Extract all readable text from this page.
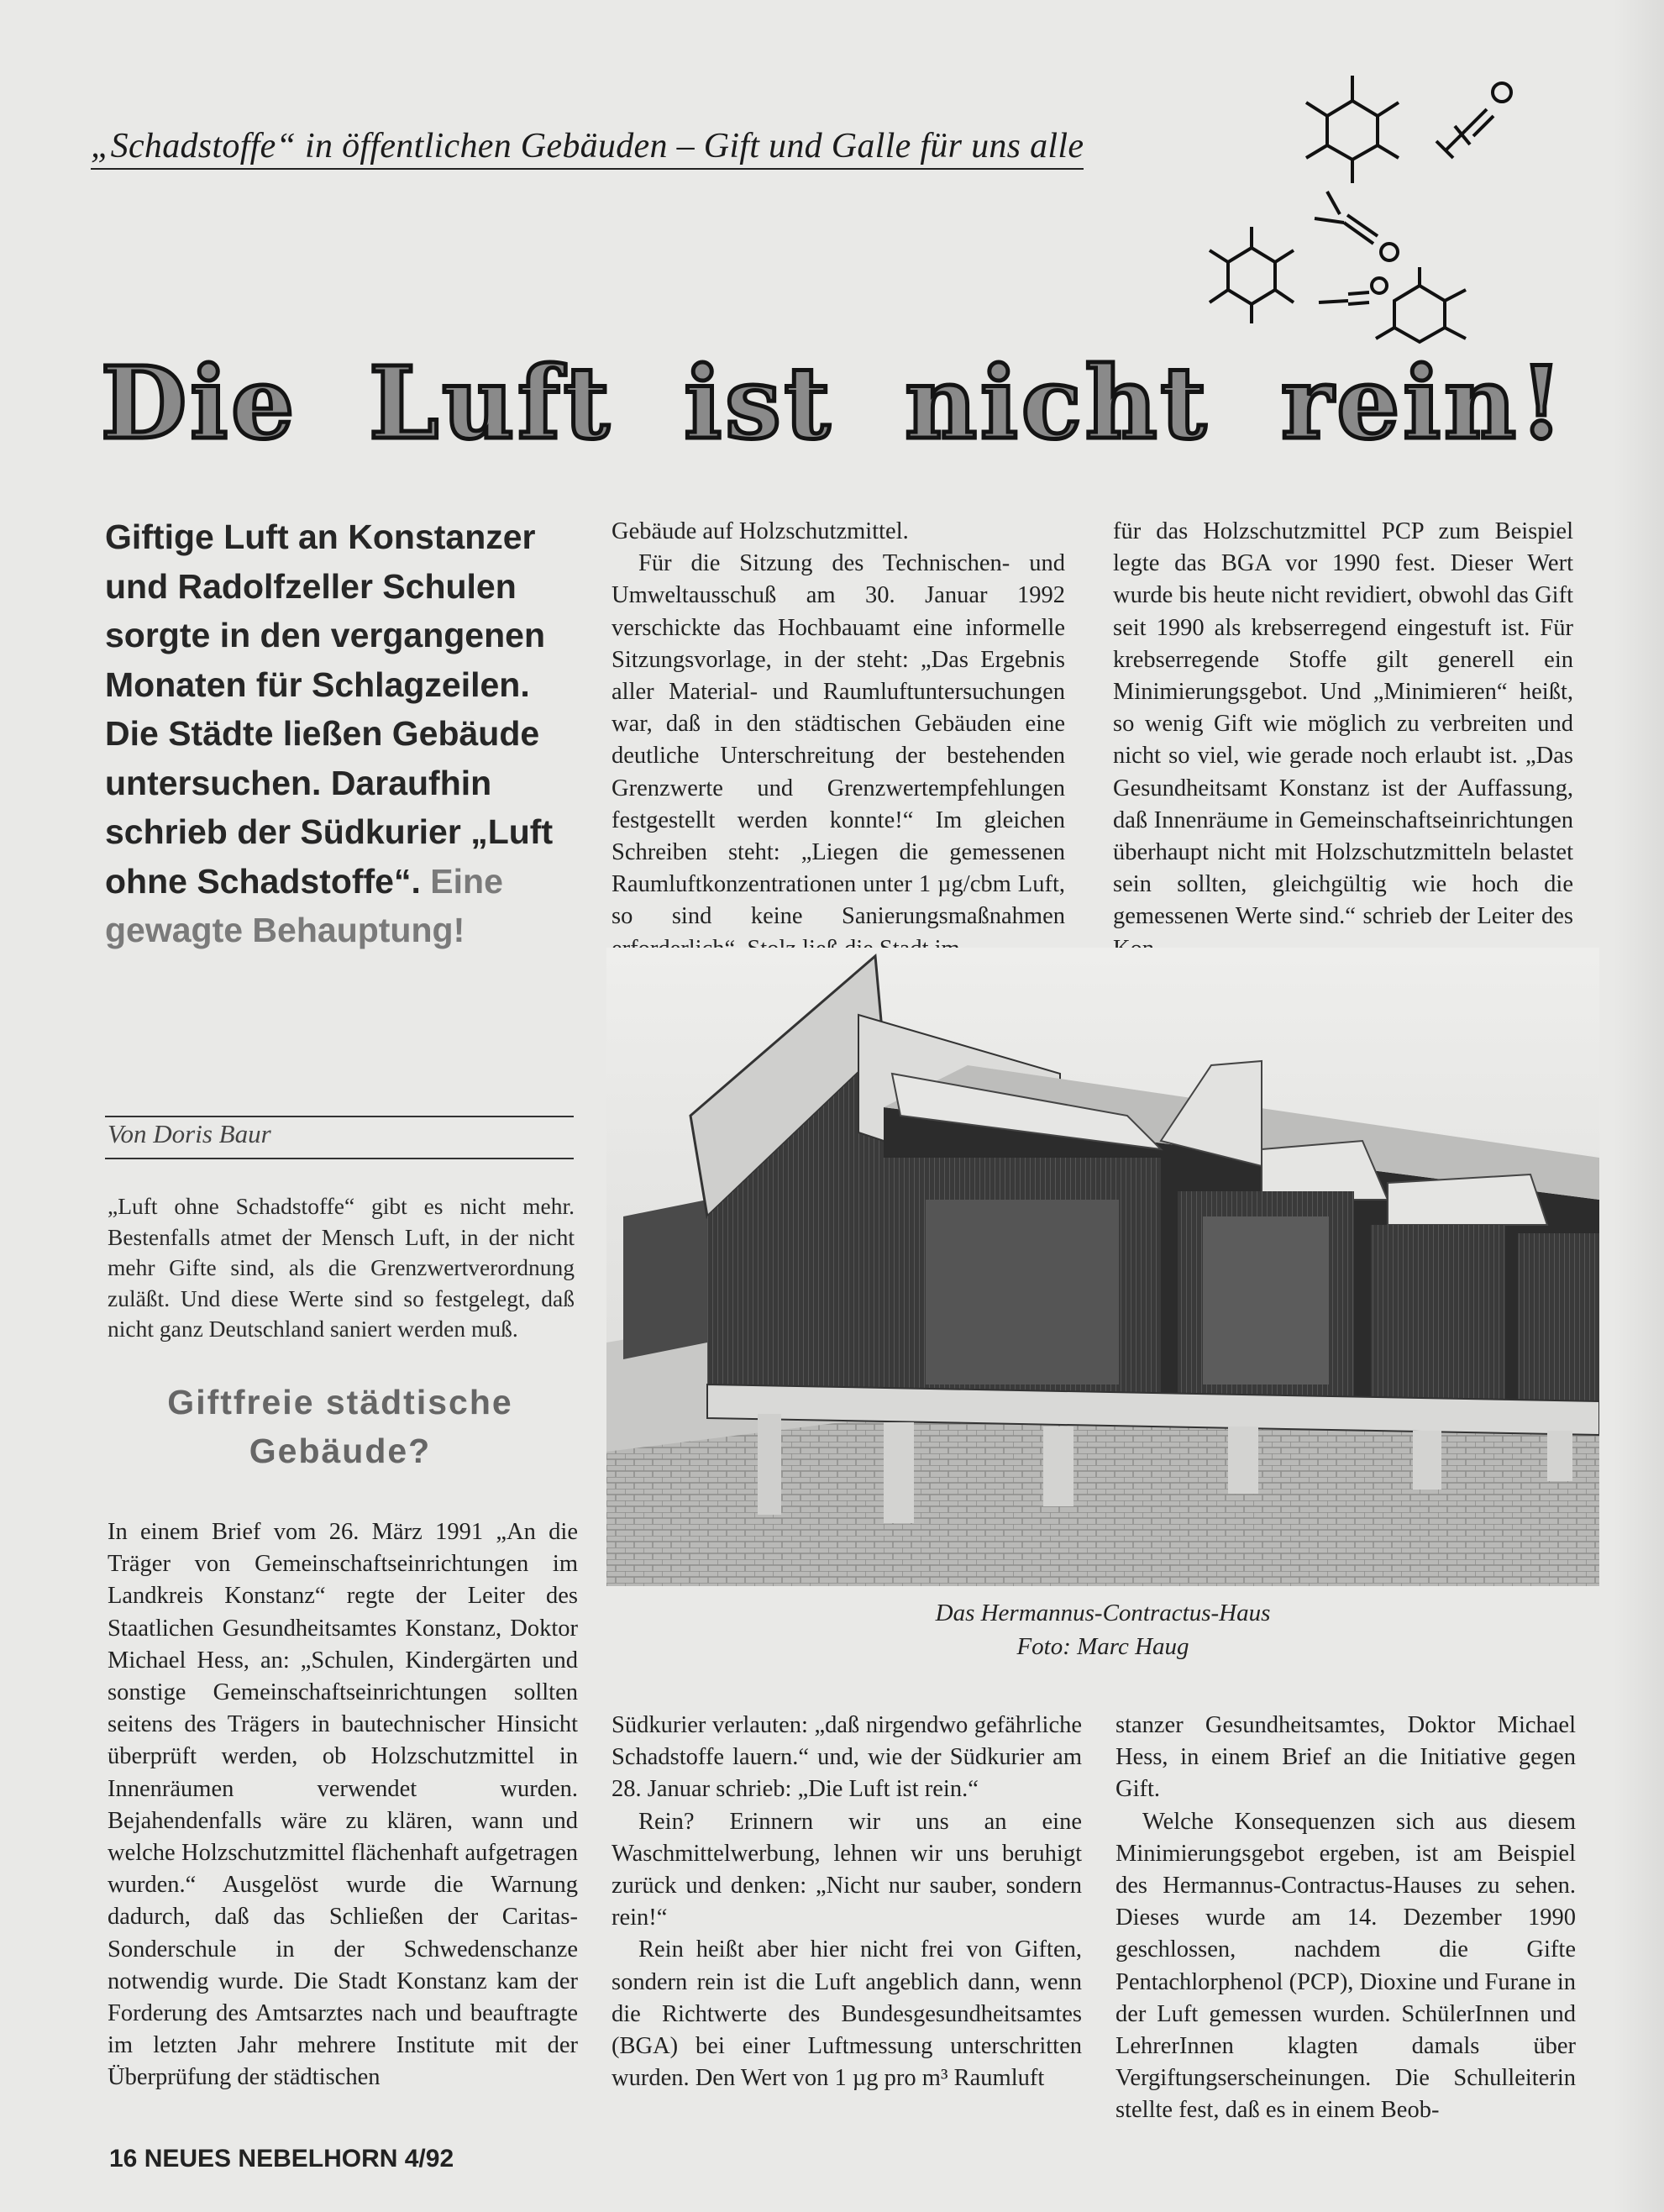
„Schadstoffe“ in öffentlichen Gebäuden – Gift und Galle für uns alle
Die Luft ist nicht rein!
Giftige Luft an Konstanzer und Radolfzeller Schulen sorgte in den vergangenen Monaten für Schlagzeilen. Die Städte ließen Gebäude untersuchen. Daraufhin schrieb der Südkurier „Luft ohne Schadstoffe“. Eine gewagte Behauptung!
Von Doris Baur
„Luft ohne Schadstoffe“ gibt es nicht mehr. Bestenfalls atmet der Mensch Luft, in der nicht mehr Gifte sind, als die Grenzwertverordnung zuläßt. Und diese Werte sind so festgelegt, daß nicht ganz Deutschland saniert werden muß.
Giftfreie städtische Gebäude?

In einem Brief vom 26. März 1991 „An die Träger von Gemeinschaftseinrichtungen im Landkreis Konstanz“ regte der Leiter des Staatlichen Gesundheitsamtes Konstanz, Doktor Michael Hess, an: „Schulen, Kindergärten und sonstige Gemeinschaftseinrichtungen sollten seitens des Trägers in bautechnischer Hinsicht überprüft werden, ob Holzschutzmittel in Innenräumen verwendet wurden. Bejahendenfalls wäre zu klären, wann und welche Holzschutzmittel flächenhaft aufgetragen wurden.“ Ausgelöst wurde die Warnung dadurch, daß das Schließen der Caritas-Sonderschule in der Schwedenschanze notwendig wurde. Die Stadt Konstanz kam der Forderung des Amtsarztes nach und beauftragte im letzten Jahr mehrere Institute mit der Überprüfung der städtischen

Gebäude auf Holzschutzmittel.

Für die Sitzung des Technischen- und Umweltausschuß am 30. Januar 1992 verschickte das Hochbauamt eine informelle Sitzungsvorlage, in der steht: „Das Ergebnis aller Material- und Raumluftuntersuchungen war, daß in den städtischen Gebäuden eine deutliche Unterschreitung der bestehenden Grenzwerte und Grenzwertempfehlungen festgestellt werden konnte!“ Im gleichen Schreiben steht: „Liegen die gemessenen Raumluftkonzentrationen unter 1 µg/cbm Luft, so sind keine Sanierungsmaßnahmen

für das Holzschutzmittel PCP zum Beispiel legte das BGA vor 1990 fest. Dieser Wert wurde bis heute nicht revidiert, obwohl das Gift seit 1990 als krebserregend eingestuft ist. Für krebserregende Stoffe gilt generell ein Minimierungsgebot. Und „Minimieren“ heißt, so wenig Gift wie möglich zu verbreiten und nicht so viel, wie gerade noch erlaubt ist. „Das Gesundheitsamt Konstanz ist der Auffassung, daß Innenräume in Gemeinschaftseinrichtungen überhaupt nicht mit Holzschutzmitteln belastet sein sollten, gleichgültig wie hoch die gemessenen Werte sind.“ schrieb der Leiter des

Das Hermannus-Contractus-Haus
Foto: Marc Haug

Südkurier verlauten: „daß nirgendwo gefährliche Schadstoffe lauern.“ und, wie der Südkurier am 28. Januar schrieb: „Die Luft ist rein.“

Rein? Erinnern wir uns an eine Waschmittelwerbung, lehnen wir uns beruhigt zurück und denken: „Nicht nur sauber, sondern rein!“

Rein heißt aber hier nicht frei von Giften, sondern rein ist die Luft angeblich dann, wenn die Richtwerte des Bundesgesundheitsamtes (BGA) bei einer Luftmessung unterschritten wurden. Den Wert von 1 µg pro m³ Raumluft

stanzer Gesundheitsamtes, Doktor Michael Hess, in einem Brief an die Initiative gegen Gift.

Welche Konsequenzen sich aus diesem Minimierungsgebot ergeben, ist am Beispiel des Hermannus-Contractus-Hauses zu sehen. Dieses wurde am 14. Dezember 1990 geschlossen, nachdem die Gifte Pentachlorphenol (PCP), Dioxine und Furane in der Luft gemessen wurden. SchülerInnen und LehrerInnen klagten damals über Vergiftungserscheinungen. Die Schulleiterin stellte fest, daß es in einem Beob-

16 NEUES NEBELHORN 4/92
